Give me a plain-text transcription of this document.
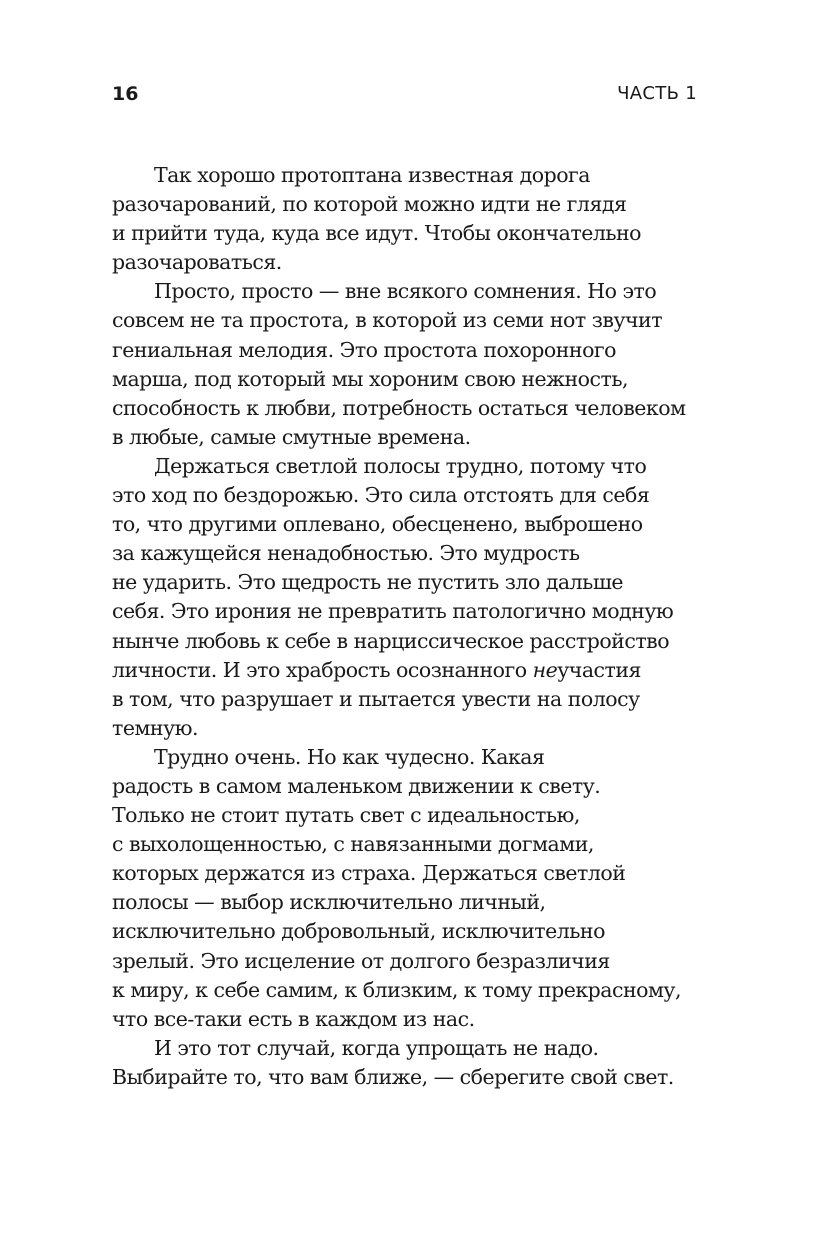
16	ЧАСТЬ 1

Так хорошо протоптана известная дорога
разочарований, по которой можно идти не глядя
и прийти туда, куда все идут. Чтобы окончательно
разочароваться.

Просто, просто — вне всякого сомнения. Но это
совсем не та простота, в которой из семи нот звучит
гениальная мелодия. Это простота похоронного
марша, под который мы хороним свою нежность,
способность к любви, потребность остаться человеком
в любые, самые смутные времена.

Держаться светлой полосы трудно, потому что
это ход по бездорожью. Это сила отстоять для себя
то, что другими оплевано, обесценено, выброшено
за кажущейся ненадобностью. Это мудрость
не ударить. Это щедрость не пустить зло дальше
себя. Это ирония не превратить патологично модную
нынче любовь к себе в нарциссическое расстройство
личности. И это храбрость осознанного неучастия
в том, что разрушает и пытается увести на полосу
темную.

Трудно очень. Но как чудесно. Какая
радость в самом маленьком движении к свету.
Только не стоит путать свет с идеальностью,
с выхолощенностью, с навязанными догмами,
которых держатся из страха. Держаться светлой
полосы — выбор исключительно личный,
исключительно добровольный, исключительно
зрелый. Это исцеление от долгого безразличия
к миру, к себе самим, к близким, к тому прекрасному,
что все-таки есть в каждом из нас.

И это тот случай, когда упрощать не надо.
Выбирайте то, что вам ближе, — сберегите свой свет.
